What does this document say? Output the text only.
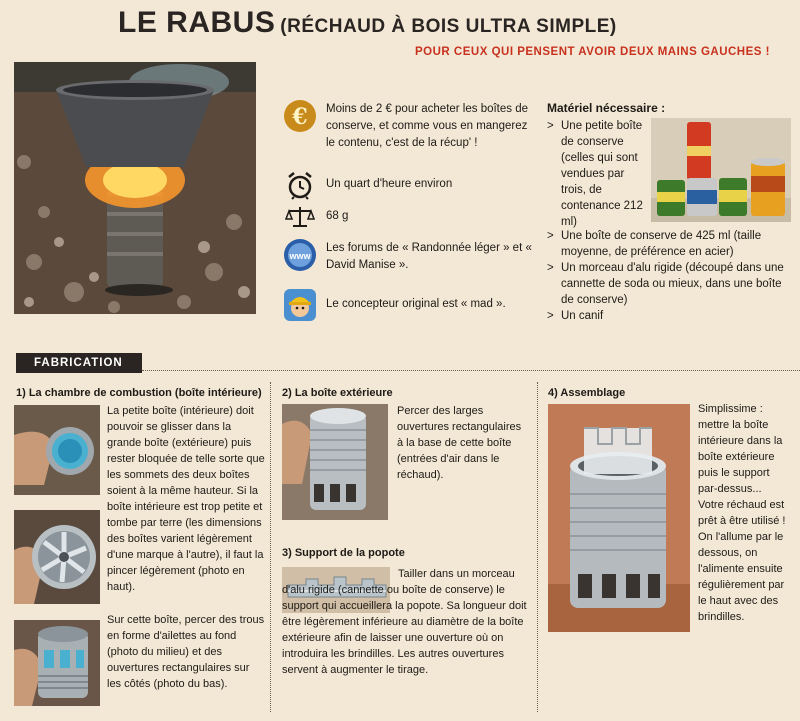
LE RABUS (RÉCHAUD À BOIS ULTRA SIMPLE)
POUR CEUX QUI PENSENT AVOIR DEUX MAINS GAUCHES !
€ Moins de 2 € pour acheter les boîtes de conserve, et comme vous en mangerez le contenu, c'est de la récup' !
Un quart d'heure environ
68 g
www
Les forums de « Randonnée léger » et « David Manise ».
Le concepteur original est « mad ».
Matériel nécessaire :
> Une petite boîte de conserve (celles qui sont vendues par trois, de contenance 212 ml)
> Une boîte de conserve de 425 ml (taille moyenne, de préférence en acier)
> Un morceau d'alu rigide (découpé dans une cannette de soda ou mieux, dans une boîte de conserve)
> Un canif
FABRICATION
1) La chambre de combustion (boîte intérieure)
La petite boîte (intérieure) doit pouvoir se glisser dans la grande boîte (extérieure) puis rester bloquée de telle sorte que les sommets des deux boîtes soient à la même hauteur. Si la boîte intérieure est trop petite et tombe par terre (les dimensions des boîtes varient légèrement d'une marque à l'autre), il faut la pincer légèrement (photo en haut).
Sur cette boîte, percer des trous en forme d'ailettes au fond (photo du milieu) et des ouvertures rectangulaires sur les côtés (photo du bas).
2) La boîte extérieure
Percer des larges ouvertures rectangulaires à la base de cette boîte (entrées d'air dans le réchaud).
3) Support de la popote
Tailler dans un morceau d'alu rigide (cannette ou boîte de conserve) le support qui accueillera la popote. Sa longueur doit être légèrement inférieure au diamètre de la boîte extérieure afin de laisser une ouverture où on introduira les brindilles. Les autres ouvertures servent à augmenter le tirage.
4) Assemblage
Simplissime : mettre la boîte intérieure dans la boîte extérieure puis le support par-dessus... Votre réchaud est prêt à être utilisé ! On l'allume par le dessous, on l'alimente ensuite régulièrement par le haut avec des brindilles.
